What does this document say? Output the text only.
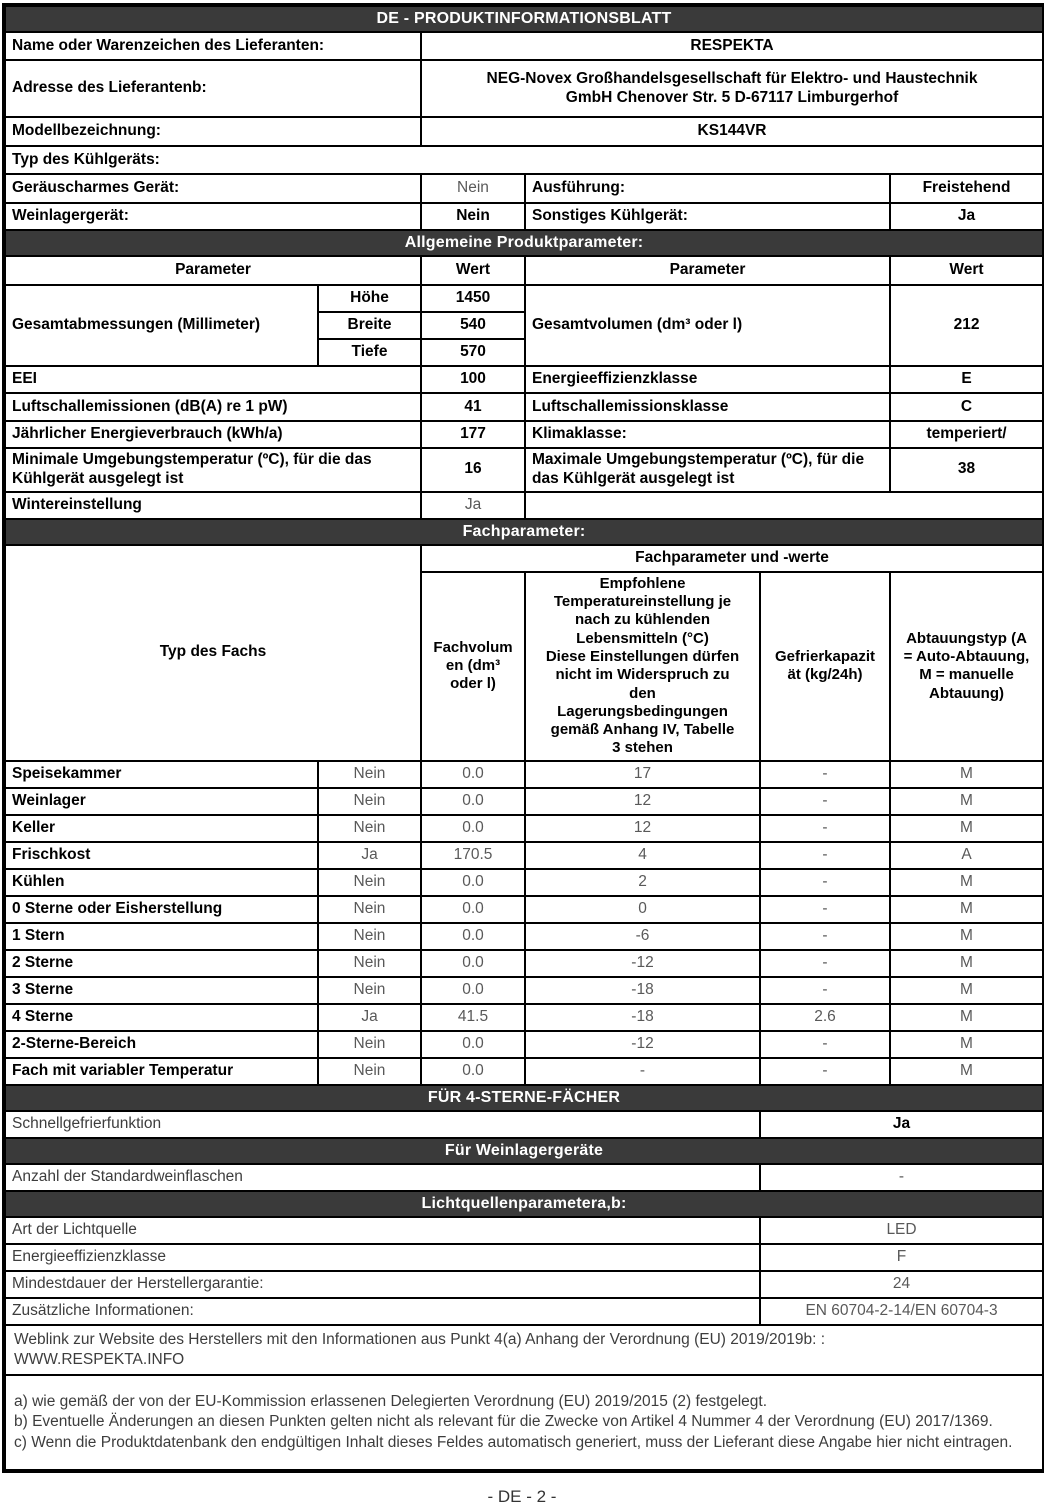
DE - PRODUKTINFORMATIONSBLATT					
Name oder Warenzeichen des Lieferanten:		RESPEKTA			
Adresse des Lieferantenb:		NEG-Novex Großhandelsgesellschaft für Elektro- und Haustechnik
GmbH Chenover Str. 5 D-67117 Limburgerhof			
Modellbezeichnung:		KS144VR			
Typ des Kühlgeräts:					
Geräuscharmes Gerät:		Nein	Ausführung:		Freistehend
Weinlagergerät:		Nein	Sonstiges Kühlgerät:		Ja
Allgemeine Produktparameter:					
Parameter		Wert	Parameter		Wert
Gesamtabmessungen (Millimeter)	Höhe	1450	Gesamtvolumen (dm³ oder l)		212
	Breite	540			
	Tiefe	570			
EEI		100	Energieeffizienzklasse		E
Luftschallemissionen (dB(A) re 1 pW)		41	Luftschallemissionsklasse		C
Jährlicher Energieverbrauch (kWh/a)		177	Klimaklasse:		temperiert/
Minimale Umgebungstemperatur (ºC), für die das Kühlgerät ausgelegt ist		16	Maximale Umgebungstemperatur (ºC), für die das Kühlgerät ausgelegt ist		38
Wintereinstellung		Ja			
Fachparameter:					
Typ des Fachs		Fachparameter und -werte			
Fachvolum
en (dm³
oder l)	Empfohlene
Temperatureinstellung je
nach zu kühlenden
Lebensmitteln (°C)
Diese Einstellungen dürfen
nicht im Widerspruch zu
den
Lagerungsbedingungen
gemäß Anhang IV, Tabelle
3 stehen	Gefrierkapazit
ät (kg/24h)	Abtauungstyp (A
= Auto-Abtauung,
M = manuelle
Abtauung)
Speisekammer	Nein	0.0	17	-	M
Weinlager	Nein	0.0	12	-	M
Keller	Nein	0.0	12	-	M
Frischkost	Ja	170.5	4	-	A
Kühlen	Nein	0.0	2	-	M
0 Sterne oder Eisherstellung	Nein	0.0	0	-	M
1 Stern	Nein	0.0	-6	-	M
2 Sterne	Nein	0.0	-12	-	M
3 Sterne	Nein	0.0	-18	-	M
4 Sterne	Ja	41.5	-18	2.6	M
2-Sterne-Bereich	Nein	0.0	-12	-	M
Fach mit variabler Temperatur	Nein	0.0	-	-	M
FÜR 4-STERNE-FÄCHER					
Schnellgefrierfunktion				Ja	
Für Weinlagergeräte					
Anzahl der Standardweinflaschen				-	
Lichtquellenparametera,b:					
Art der Lichtquelle				LED	
Energieeffizienzklasse				F	
Mindestdauer der Herstellergarantie:				24	
Zusätzliche Informationen:				EN 60704-2-14/EN 60704-3	
Weblink zur Website des Herstellers mit den Informationen aus Punkt 4(a) Anhang der Verordnung (EU) 2019/2019b: :
WWW.RESPEKTA.INFO					
a) wie gemäß der von der EU-Kommission erlassenen Delegierten Verordnung (EU) 2019/2015 (2) festgelegt.
b) Eventuelle Änderungen an diesen Punkten gelten nicht als relevant für die Zwecke von Artikel 4 Nummer 4 der Verordnung (EU) 2017/1369.
c) Wenn die Produktdatenbank den endgültigen Inhalt dieses Feldes automatisch generiert, muss der Lieferant diese Angabe hier nicht eintragen.					
- DE - 2 -
